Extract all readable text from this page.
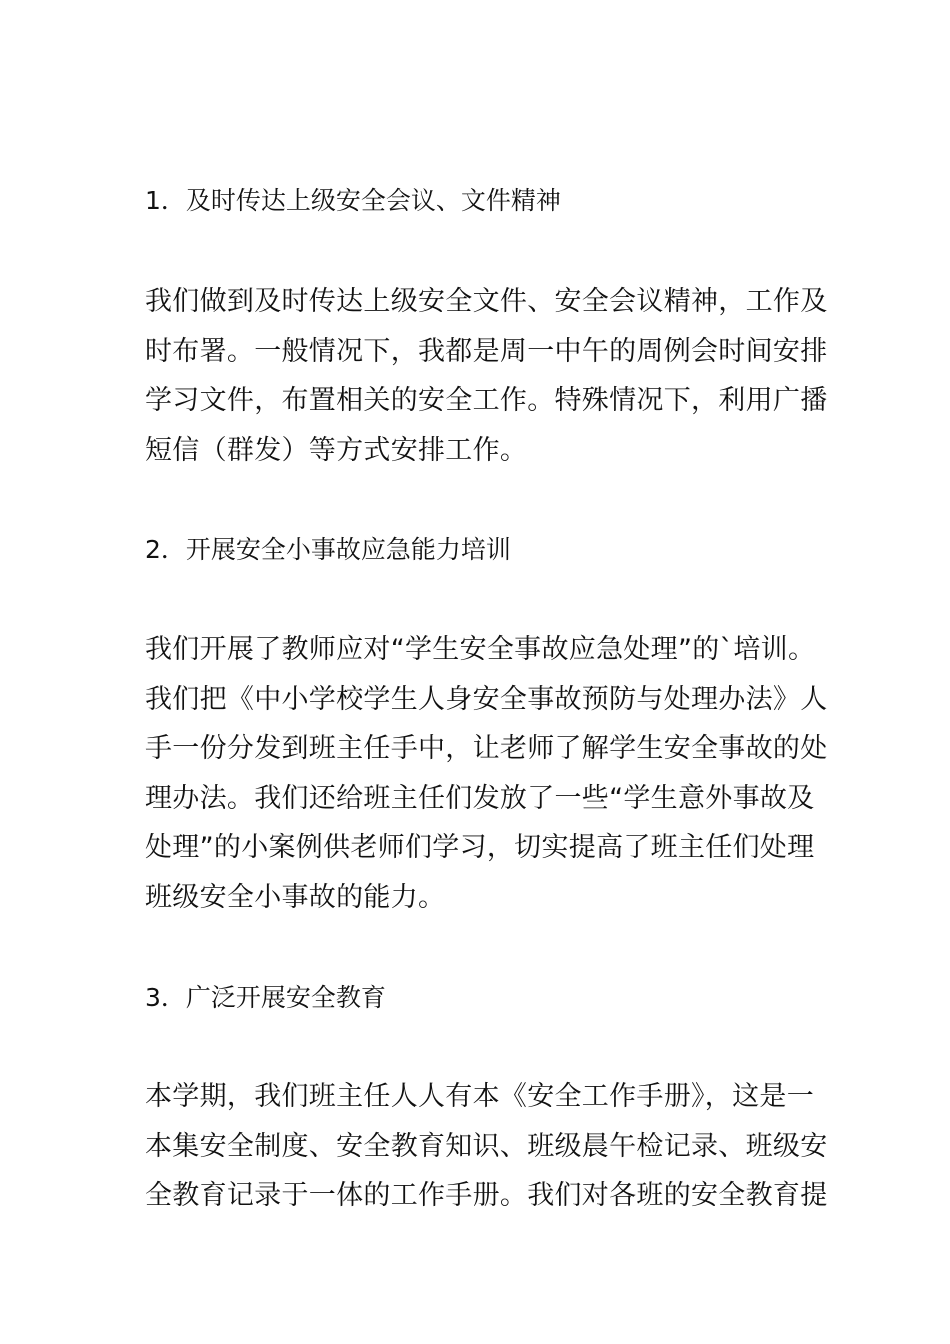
1．及时传达上级安全会议、文件精神
我们做到及时传达上级安全文件、安全会议精神，工作及
时布署。一般情况下，我都是周一中午的周例会时间安排
学习文件，布置相关的安全工作。特殊情况下，利用广播
短信（群发）等方式安排工作。
2．开展安全小事故应急能力培训
我们开展了教师应对“学生安全事故应急处理”的`培训。
我们把《中小学校学生人身安全事故预防与处理办法》人
手一份分发到班主任手中，让老师了解学生安全事故的处
理办法。我们还给班主任们发放了一些“学生意外事故及
处理”的小案例供老师们学习，切实提高了班主任们处理
班级安全小事故的能力。
3．广泛开展安全教育
本学期，我们班主任人人有本《安全工作手册》，这是一
本集安全制度、安全教育知识、班级晨午检记录、班级安
全教育记录于一体的工作手册。我们对各班的安全教育提
